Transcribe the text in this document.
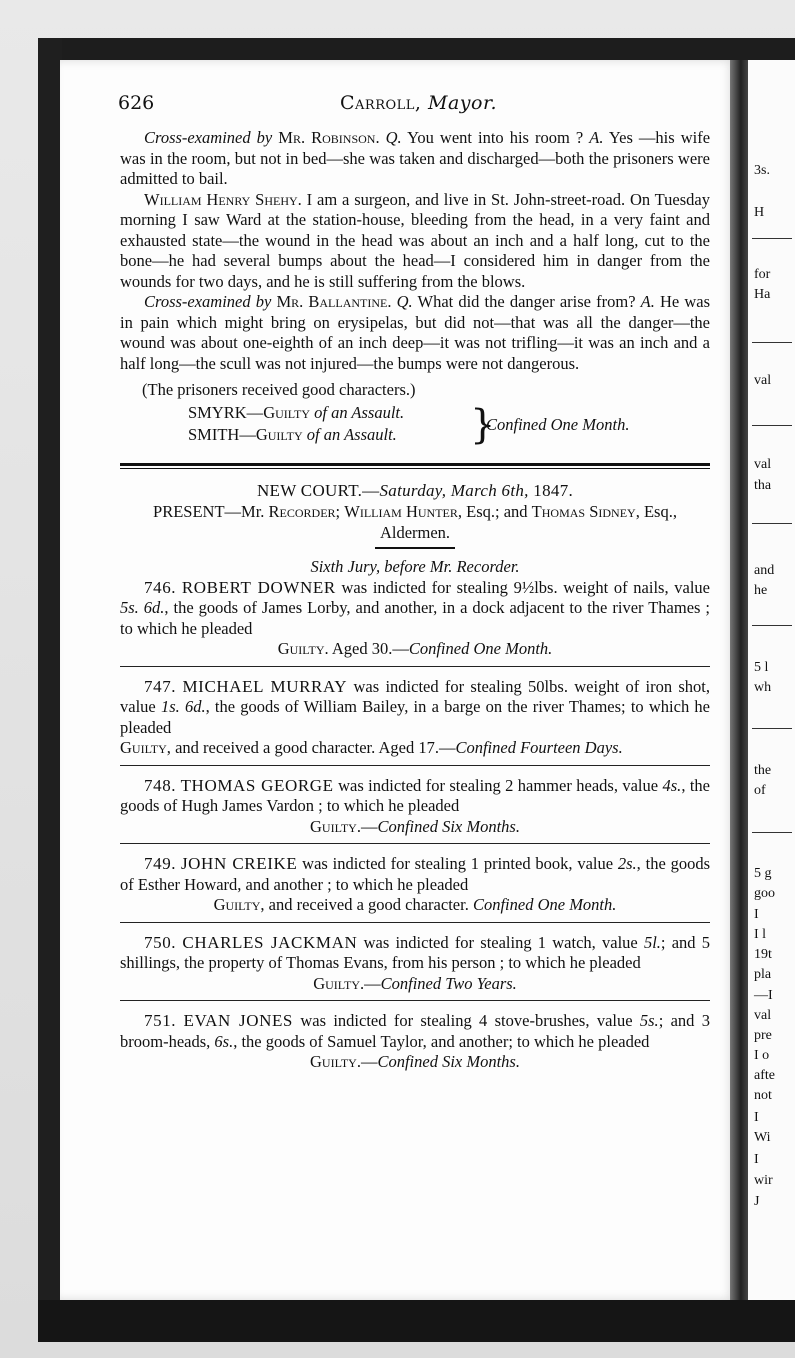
3s.
H
for
Ha
val
val
tha
and
he
5 l
wh
the
of
5 g
goo
I
I l
19t
pla
—I
val
pre
I o
afte
not
I
Wi
I
wir
J
626	Carroll, Mayor.

Cross-examined by Mr. Robinson. Q. You went into his room ? A. Yes —his wife was in the room, but not in bed—she was taken and discharged—both the prisoners were admitted to bail.

William Henry Shehy. I am a surgeon, and live in St. John-street-road. On Tuesday morning I saw Ward at the station-house, bleeding from the head, in a very faint and exhausted state—the wound in the head was about an inch and a half long, cut to the bone—he had several bumps about the head—I considered him in danger from the wounds for two days, and he is still suffering from the blows.

Cross-examined by Mr. Ballantine. Q. What did the danger arise from? A. He was in pain which might bring on erysipelas, but did not—that was all the danger—the wound was about one-eighth of an inch deep—it was not trifling—it was an inch and a half long—the scull was not injured—the bumps were not dangerous.

(The prisoners received good characters.)

SMYRK—Guilty of an Assault.
SMITH—Guilty of an Assault. }
Confined One Month.

NEW COURT.—Saturday, March 6th, 1847.

PRESENT—Mr. Recorder; William Hunter, Esq.; and Thomas Sidney, Esq., Aldermen.

Sixth Jury, before Mr. Recorder.

746. ROBERT DOWNER was indicted for stealing 9½lbs. weight of nails, value 5s. 6d., the goods of James Lorby, and another, in a dock adjacent to the river Thames ; to which he pleaded

Guilty. Aged 30.—Confined One Month.

747. MICHAEL MURRAY was indicted for stealing 50lbs. weight of iron shot, value 1s. 6d., the goods of William Bailey, in a barge on the river Thames; to which he pleaded

Guilty, and received a good character. Aged 17.—Confined Fourteen Days.

748. THOMAS GEORGE was indicted for stealing 2 hammer heads, value 4s., the goods of Hugh James Vardon ; to which he pleaded

Guilty.—Confined Six Months.

749. JOHN CREIKE was indicted for stealing 1 printed book, value 2s., the goods of Esther Howard, and another ; to which he pleaded

Guilty, and received a good character. Confined One Month.

750. CHARLES JACKMAN was indicted for stealing 1 watch, value 5l.; and 5 shillings, the property of Thomas Evans, from his person ; to which he pleaded

Guilty.—Confined Two Years.

751. EVAN JONES was indicted for stealing 4 stove-brushes, value 5s.; and 3 broom-heads, 6s., the goods of Samuel Taylor, and another; to which he pleaded

Guilty.—Confined Six Months.
